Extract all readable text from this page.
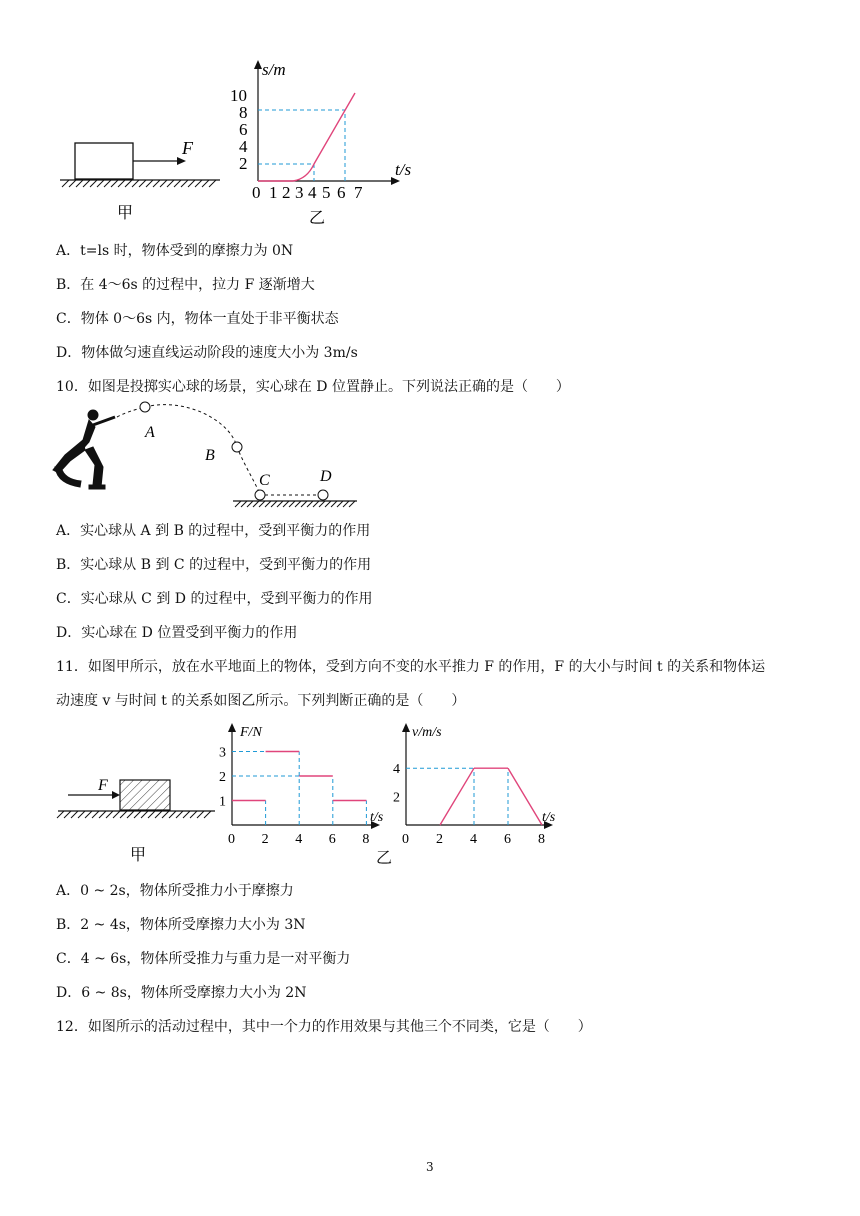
F
甲
s/m
t/s
10
8
6
4
2
0 1 2 3 4 5 6 7
乙
A．t=ls 时，物体受到的摩擦力为 0N
B．在 4～6s 的过程中，拉力 F 逐渐增大
C．物体 0～6s 内，物体一直处于非平衡状态
D．物体做匀速直线运动阶段的速度大小为 3m/s
10．如图是投掷实心球的场景，实心球在 D 位置静止。下列说法正确的是（　　）
A
B
C	D
A．实心球从 A 到 B 的过程中，受到平衡力的作用
B．实心球从 B 到 C 的过程中，受到平衡力的作用
C．实心球从 C 到 D 的过程中，受到平衡力的作用
D．实心球在 D 位置受到平衡力的作用
11．如图甲所示，放在水平地面上的物体，受到方向不变的水平推力 F 的作用，F 的大小与时间 t 的关系和物体运
动速度 v 与时间 t 的关系如图乙所示。下列判断正确的是（　　）
F
甲
F/N
t/s
0 2 4 6 8
1
2
3
v/m/s
t/s
0 2 4 6 8
2
4
乙
A．0 ~ 2s，物体所受推力小于摩擦力
B．2 ~ 4s，物体所受摩擦力大小为 3N
C．4 ~ 6s，物体所受推力与重力是一对平衡力
D．6 ~ 8s，物体所受摩擦力大小为 2N
12．如图所示的活动过程中，其中一个力的作用效果与其他三个不同类，它是（　　）
3
